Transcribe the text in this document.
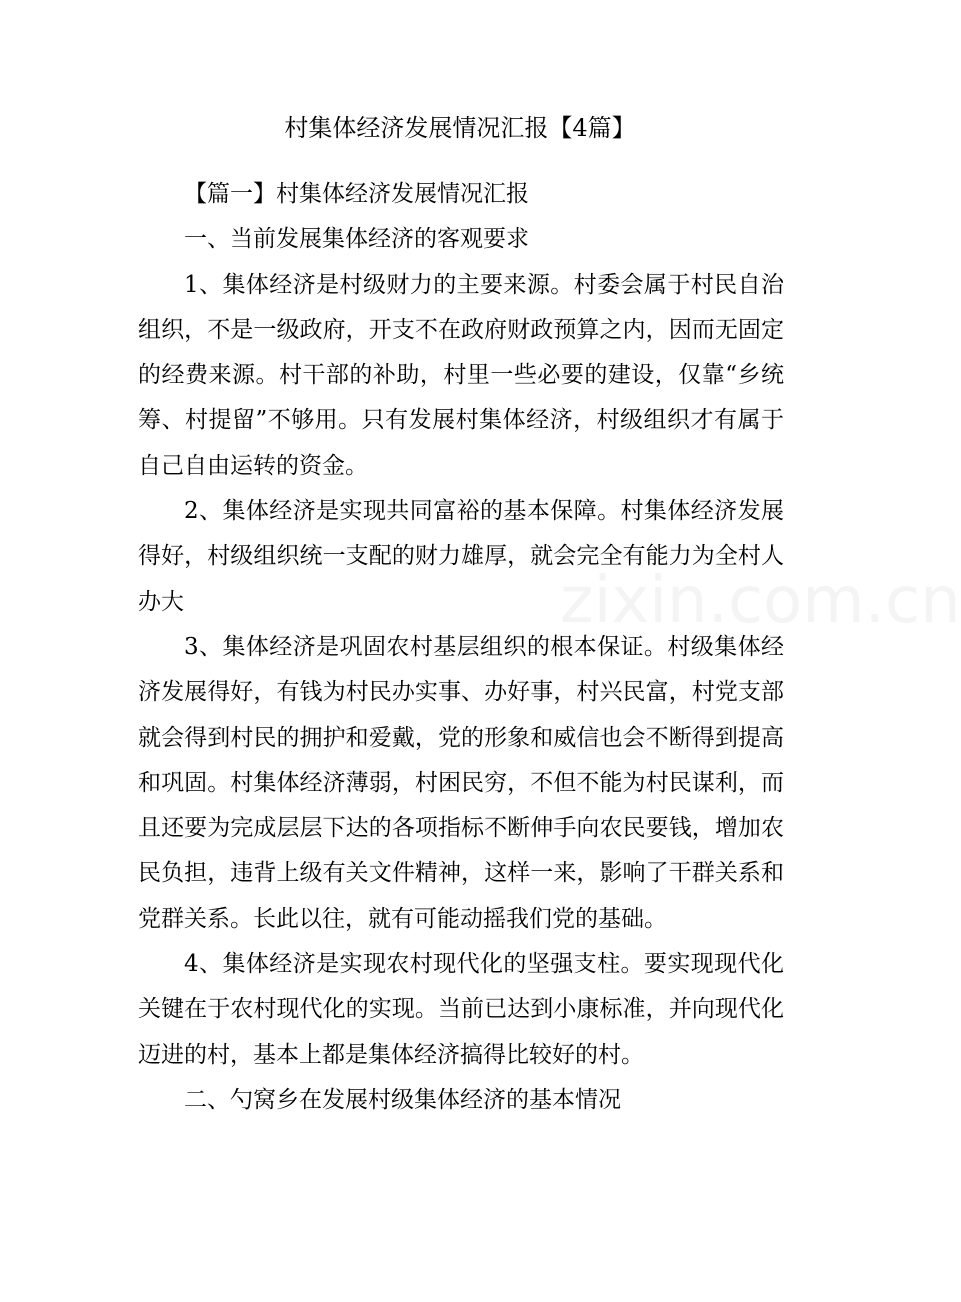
zixin.com.cn
村集体经济发展情况汇报【4篇】

【篇一】村集体经济发展情况汇报

一、当前发展集体经济的客观要求

1、集体经济是村级财力的主要来源。村委会属于村民自治组织，不是一级政府，开支不在政府财政预算之内，因而无固定的经费来源。村干部的补助，村里一些必要的建设，仅靠“乡统筹、村提留”不够用。只有发展村集体经济，村级组织才有属于自己自由运转的资金。

2、集体经济是实现共同富裕的基本保障。村集体经济发展得好，村级组织统一支配的财力雄厚，就会完全有能力为全村人办大

3、集体经济是巩固农村基层组织的根本保证。村级集体经济发展得好，有钱为村民办实事、办好事，村兴民富，村党支部就会得到村民的拥护和爱戴，党的形象和威信也会不断得到提高和巩固。村集体经济薄弱，村困民穷，不但不能为村民谋利，而且还要为完成层层下达的各项指标不断伸手向农民要钱，增加农民负担，违背上级有关文件精神，这样一来，影响了干群关系和党群关系。长此以往，就有可能动摇我们党的基础。

4、集体经济是实现农村现代化的坚强支柱。要实现现代化关键在于农村现代化的实现。当前已达到小康标准，并向现代化迈进的村，基本上都是集体经济搞得比较好的村。

二、勺窝乡在发展村级集体经济的基本情况
